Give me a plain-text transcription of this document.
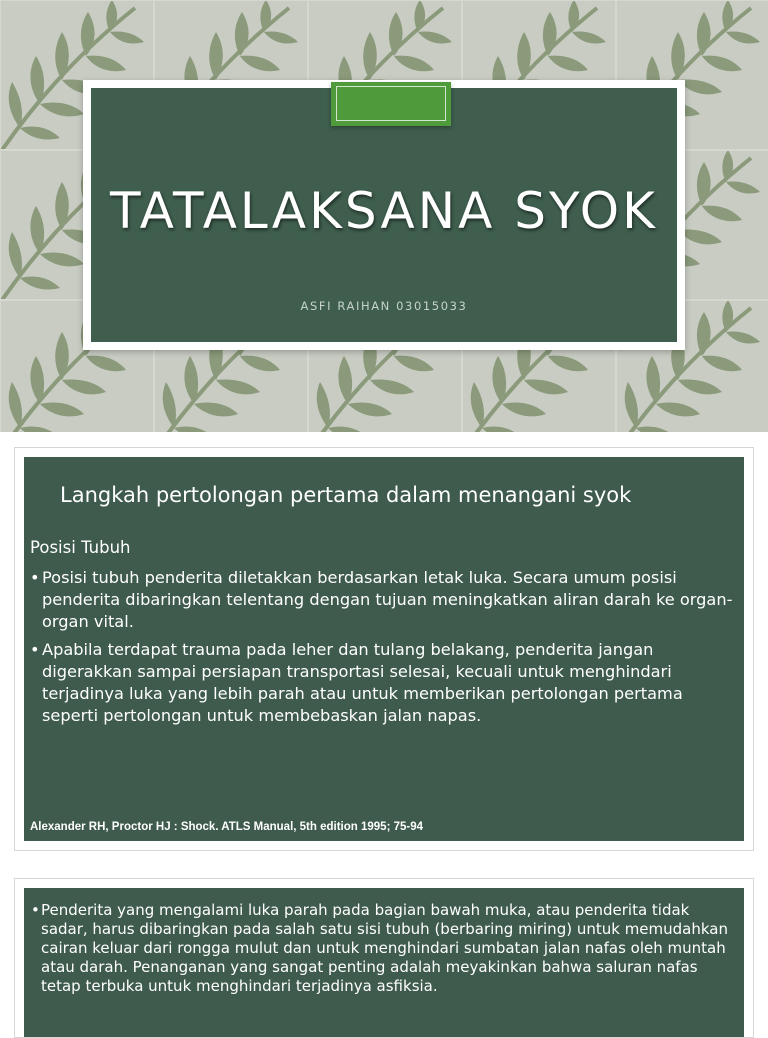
TATALAKSANA SYOK
ASFI RAIHAN 03015033
Langkah pertolongan pertama dalam menangani syok
Posisi Tubuh
• Posisi tubuh penderita diletakkan berdasarkan letak luka. Secara umum posisi penderita dibaringkan telentang dengan tujuan meningkatkan aliran darah ke organ-organ vital.
• Apabila terdapat trauma pada leher dan tulang belakang, penderita jangan digerakkan sampai persiapan transportasi selesai, kecuali untuk menghindari terjadinya luka yang lebih parah atau untuk memberikan pertolongan pertama seperti pertolongan untuk membebaskan jalan napas.
Alexander RH, Proctor HJ : Shock. ATLS Manual, 5th edition 1995; 75-94
• Penderita yang mengalami luka parah pada bagian bawah muka, atau penderita tidak sadar, harus dibaringkan pada salah satu sisi tubuh (berbaring miring) untuk memudahkan cairan keluar dari rongga mulut dan untuk menghindari sumbatan jalan nafas oleh muntah atau darah. Penanganan yang sangat penting adalah meyakinkan bahwa saluran nafas tetap terbuka untuk menghindari terjadinya asfiksia.
